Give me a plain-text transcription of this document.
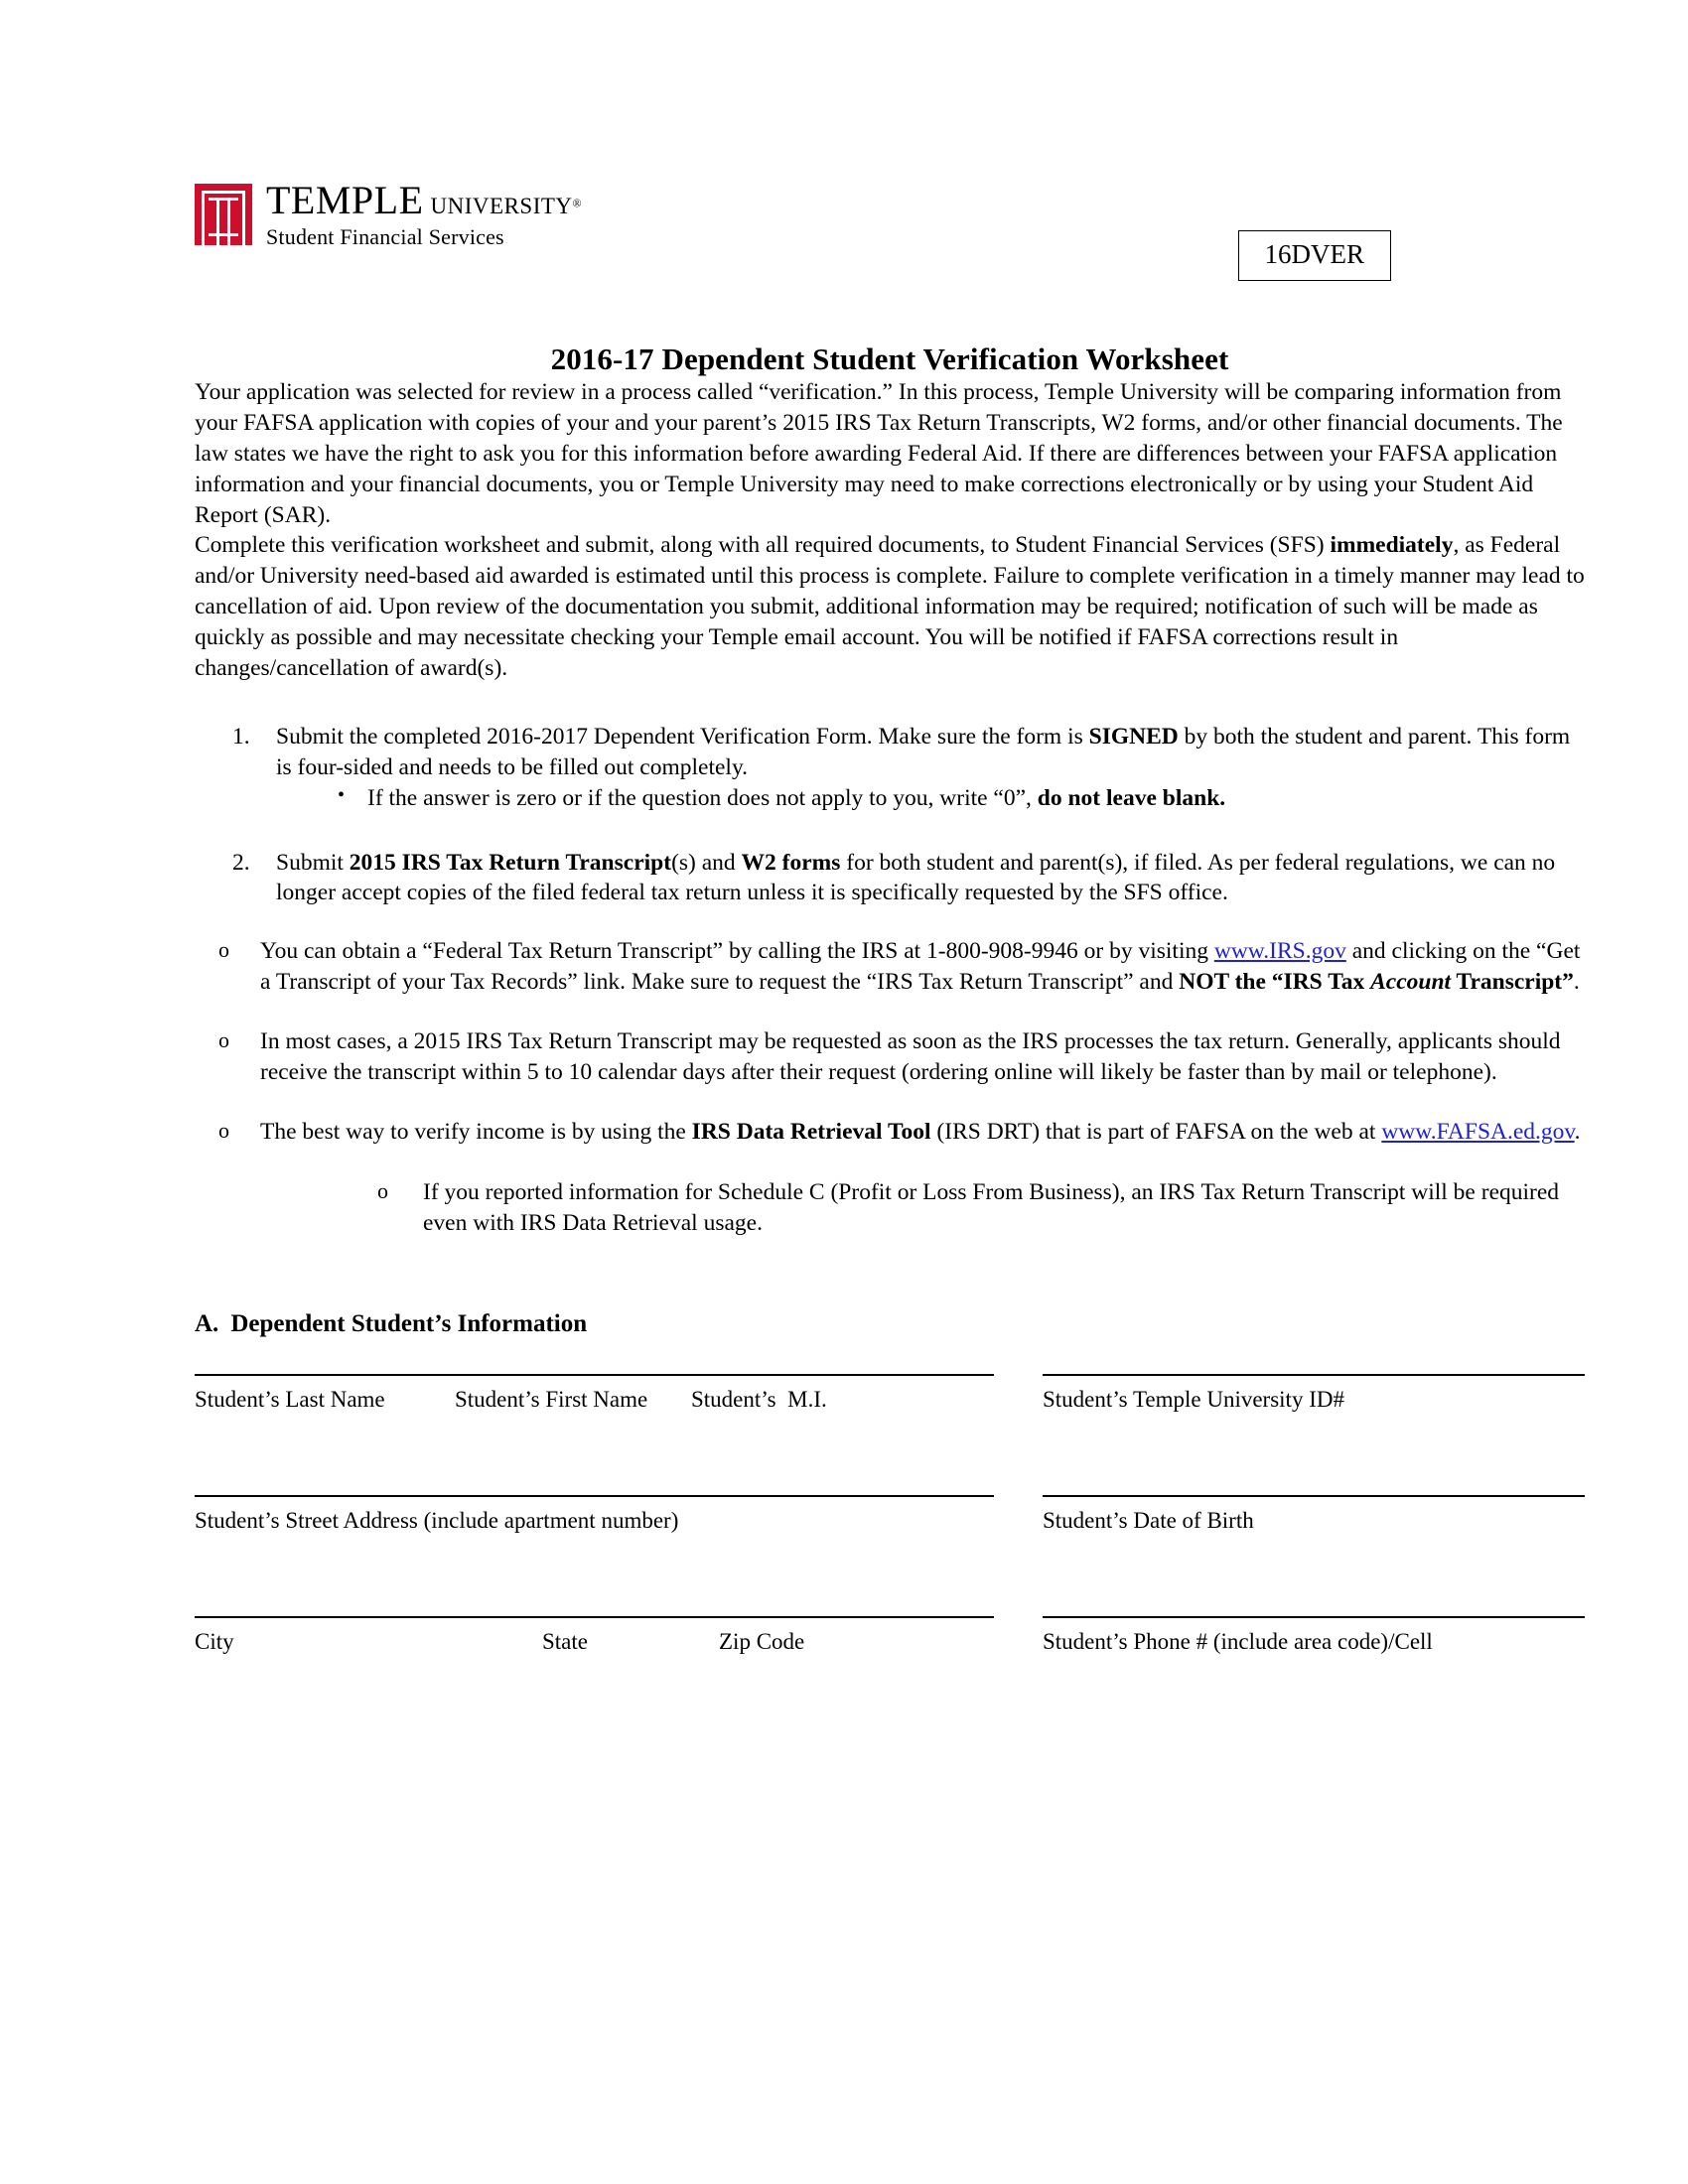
TEMPLE UNIVERSITY®
Student Financial Services
16DVER
2016-17 Dependent Student Verification Worksheet

Your application was selected for review in a process called “verification.” In this process, Temple University will be comparing information from your FAFSA application with copies of your and your parent’s 2015 IRS Tax Return Transcripts, W2 forms, and/or other financial documents. The law states we have the right to ask you for this information before awarding Federal Aid. If there are differences between your FAFSA application information and your financial documents, you or Temple University may need to make corrections electronically or by using your Student Aid Report (SAR).

Complete this verification worksheet and submit, along with all required documents, to Student Financial Services (SFS) immediately, as Federal and/or University need-based aid awarded is estimated until this process is complete. Failure to complete verification in a timely manner may lead to cancellation of aid. Upon review of the documentation you submit, additional information may be required; notification of such will be made as quickly as possible and may necessitate checking your Temple email account. You will be notified if FAFSA corrections result in changes/cancellation of award(s).

1. Submit the completed 2016-2017 Dependent Verification Form. Make sure the form is SIGNED by both the student and parent. This form is four-sided and needs to be filled out completely.
• If the answer is zero or if the question does not apply to you, write “0”, do not leave blank.
2. Submit 2015 IRS Tax Return Transcript(s) and W2 forms for both student and parent(s), if filed. As per federal regulations, we can no longer accept copies of the filed federal tax return unless it is specifically requested by the SFS office.
o You can obtain a “Federal Tax Return Transcript” by calling the IRS at 1-800-908-9946 or by visiting www.IRS.gov and clicking on the “Get a Transcript of your Tax Records” link. Make sure to request the “IRS Tax Return Transcript” and NOT the “IRS Tax Account Transcript”.
o In most cases, a 2015 IRS Tax Return Transcript may be requested as soon as the IRS processes the tax return. Generally, applicants should receive the transcript within 5 to 10 calendar days after their request (ordering online will likely be faster than by mail or telephone).
o The best way to verify income is by using the IRS Data Retrieval Tool (IRS DRT) that is part of FAFSA on the web at www.FAFSA.ed.gov.
o If you reported information for Schedule C (Profit or Loss From Business), an IRS Tax Return Transcript will be required even with IRS Data Retrieval usage.
A. Dependent Student’s Information
Student’s Last Name	Student’s First Name Student’s  M.I.	Student’s Temple University ID#
Student’s Street Address (include apartment number)	Student’s Date of Birth
City	State	Zip Code	Student’s Phone # (include area code)/Cell
